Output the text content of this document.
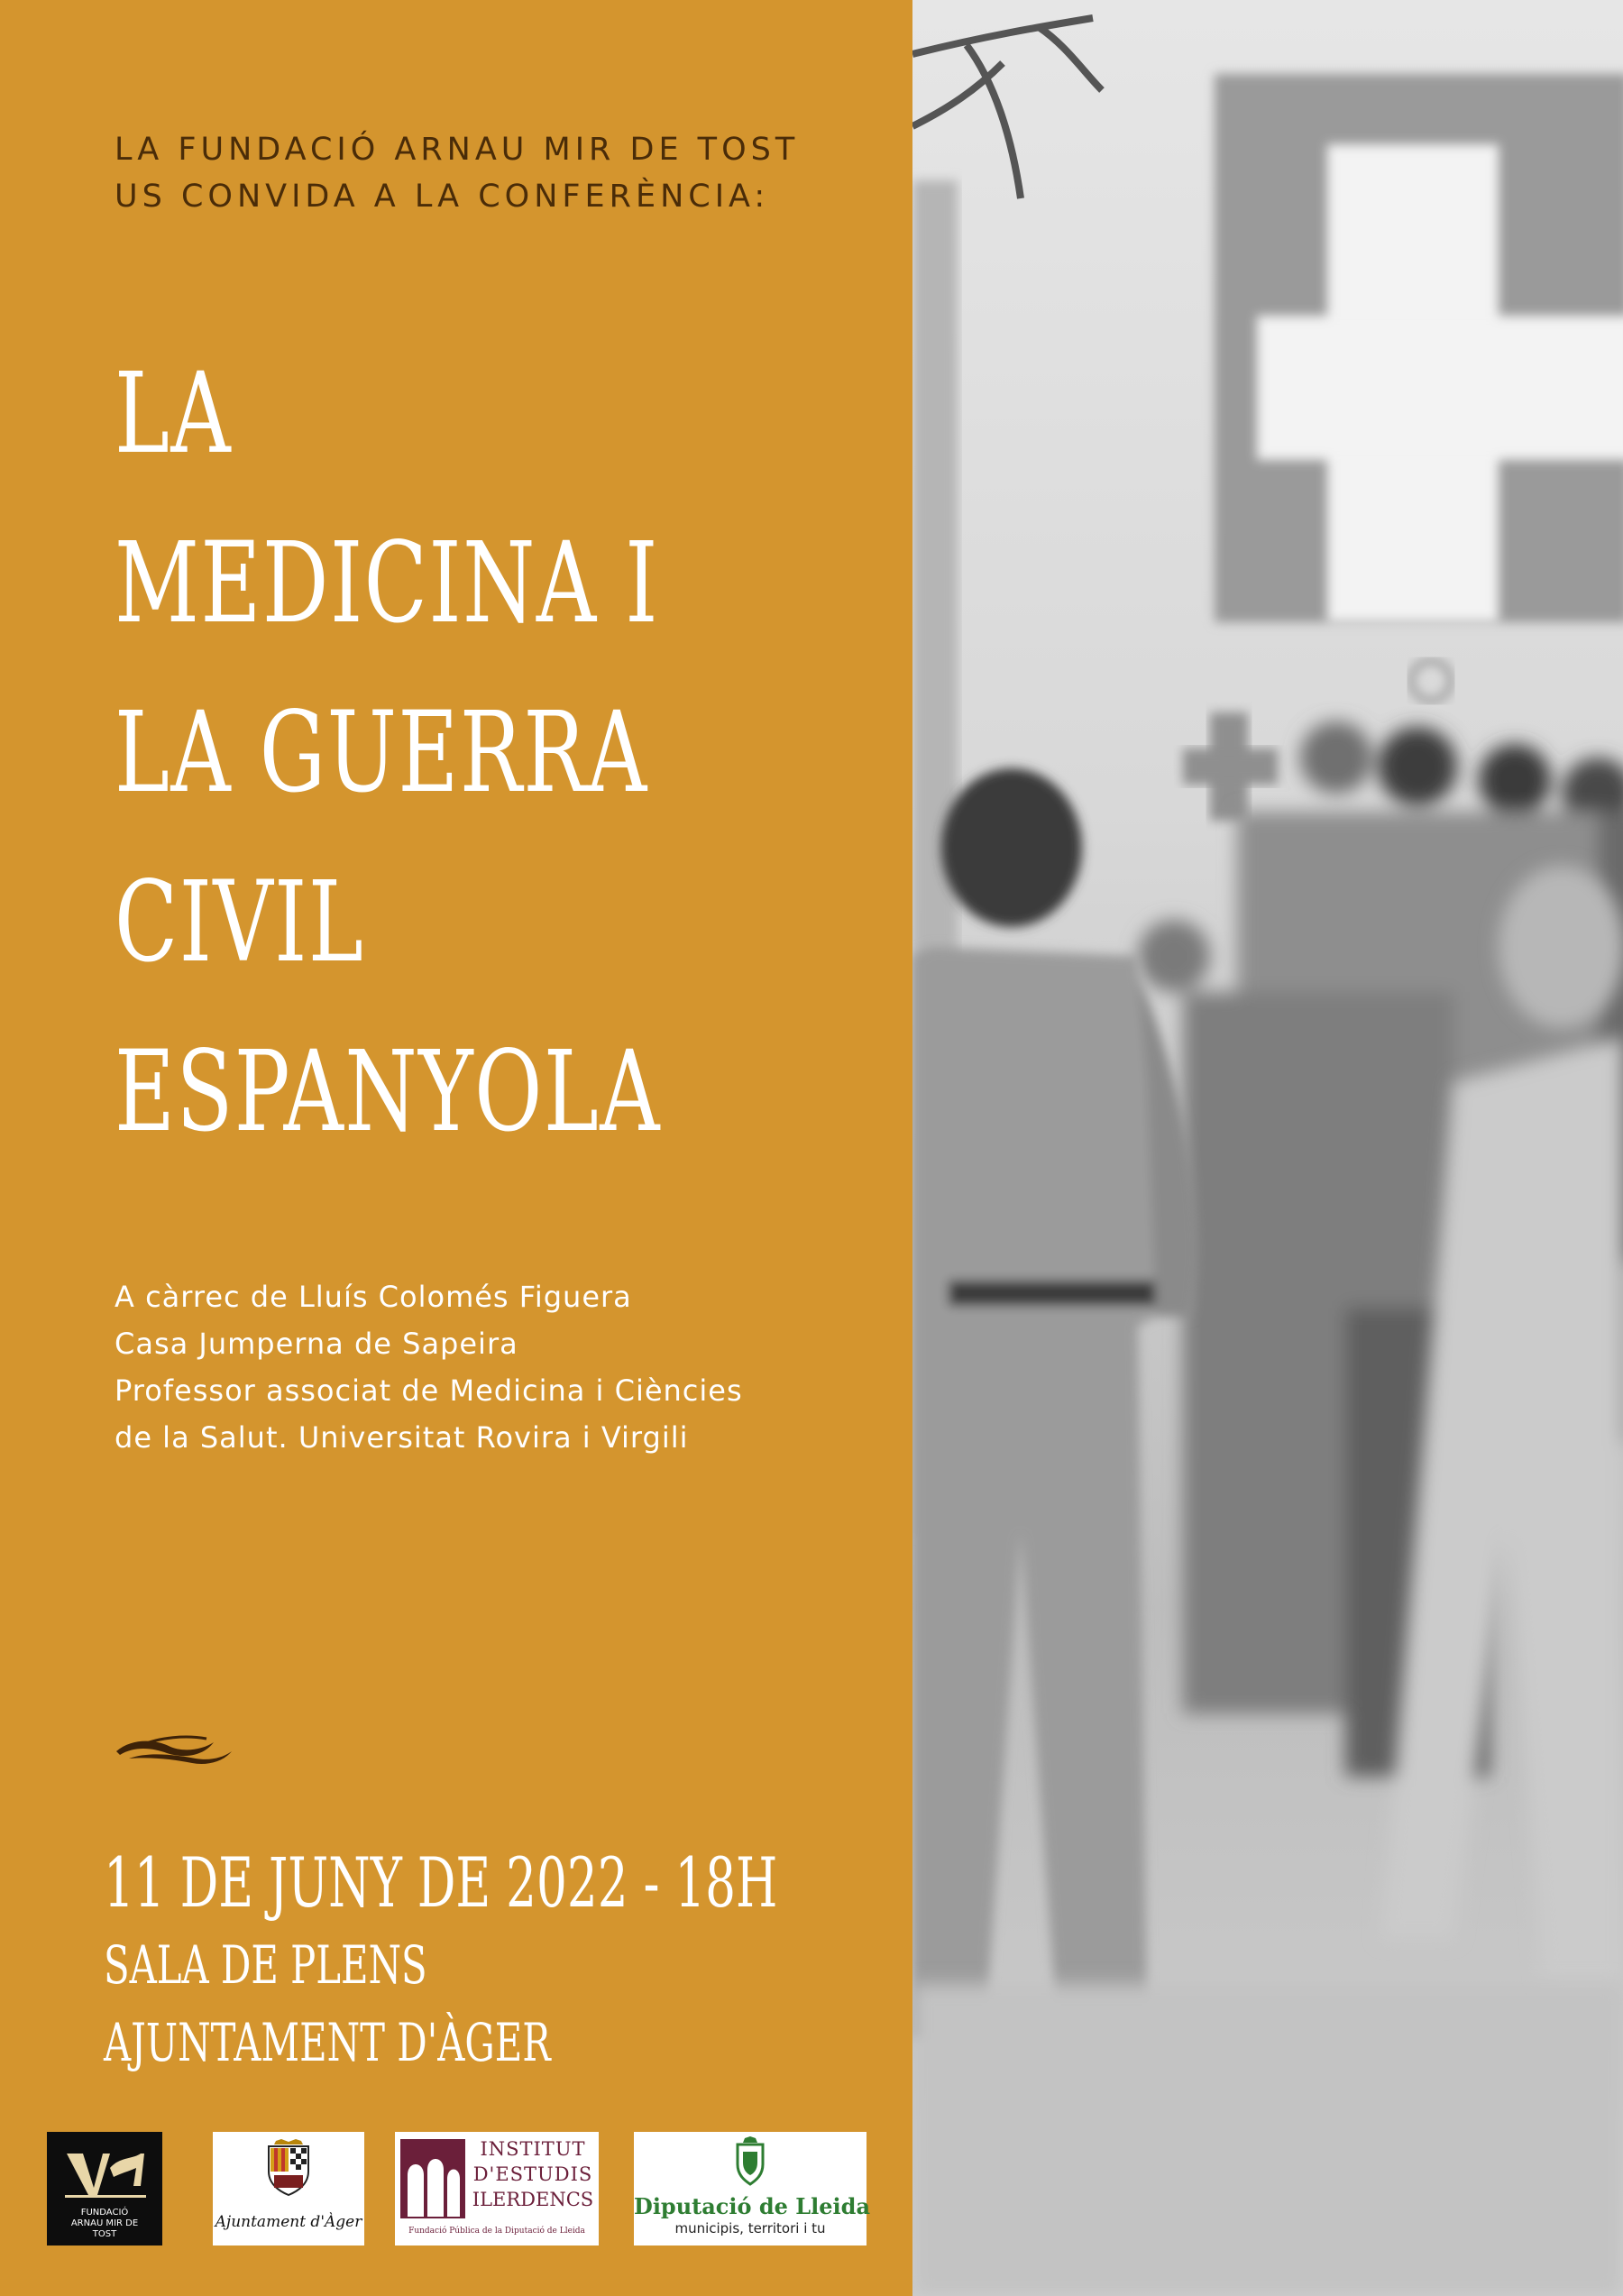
LA FUNDACIÓ ARNAU MIR DE TOST
US CONVIDA A LA CONFERÈNCIA:
LA
MEDICINA I
LA GUERRA
CIVIL
ESPANYOLA
A càrrec de Lluís Colomés Figuera
Casa Jumperna de Sapeira
Professor associat de Medicina i Ciències
de la Salut. Universitat Rovira i Virgili
11 DE JUNY DE 2022 - 18H
SALA DE PLENS
AJUNTAMENT D'ÀGER
FUNDACIÓ ARNAU MIR DE TOST
Ajuntament d'Àger
INSTITUT
D'ESTUDIS
ILERDENCS
Fundació Pública de la Diputació de Lleida
Diputació de Lleida
municipis, territori i tu
